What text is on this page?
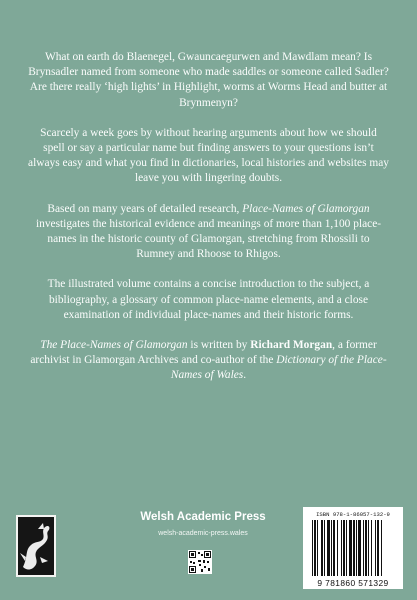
What on earth do Blaenegel, Gwauncaegurwen and Mawdlam mean? Is Brynsadler named from someone who made saddles or someone called Sadler? Are there really ‘high lights’ in Highlight, worms at Worms Head and butter at Brynmenyn?

Scarcely a week goes by without hearing arguments about how we should spell or say a particular name but finding answers to your questions isn’t always easy and what you find in dictionaries, local histories and websites may leave you with lingering doubts.

Based on many years of detailed research, Place-Names of Glamorgan investigates the historical evidence and meanings of more than 1,100 place-names in the historic county of Glamorgan, stretching from Rhossili to Rumney and Rhoose to Rhigos.

The illustrated volume contains a concise introduction to the subject, a bibliography, a glossary of common place-name elements, and a close examination of individual place-names and their historic forms.

The Place-Names of Glamorgan is written by Richard Morgan, a former archivist in Glamorgan Archives and co-author of the Dictionary of the Place-Names of Wales.

Welsh Academic Press
welsh-academic-press.wales
ISBN 978-1-86057-132-9
9 781860 571329
